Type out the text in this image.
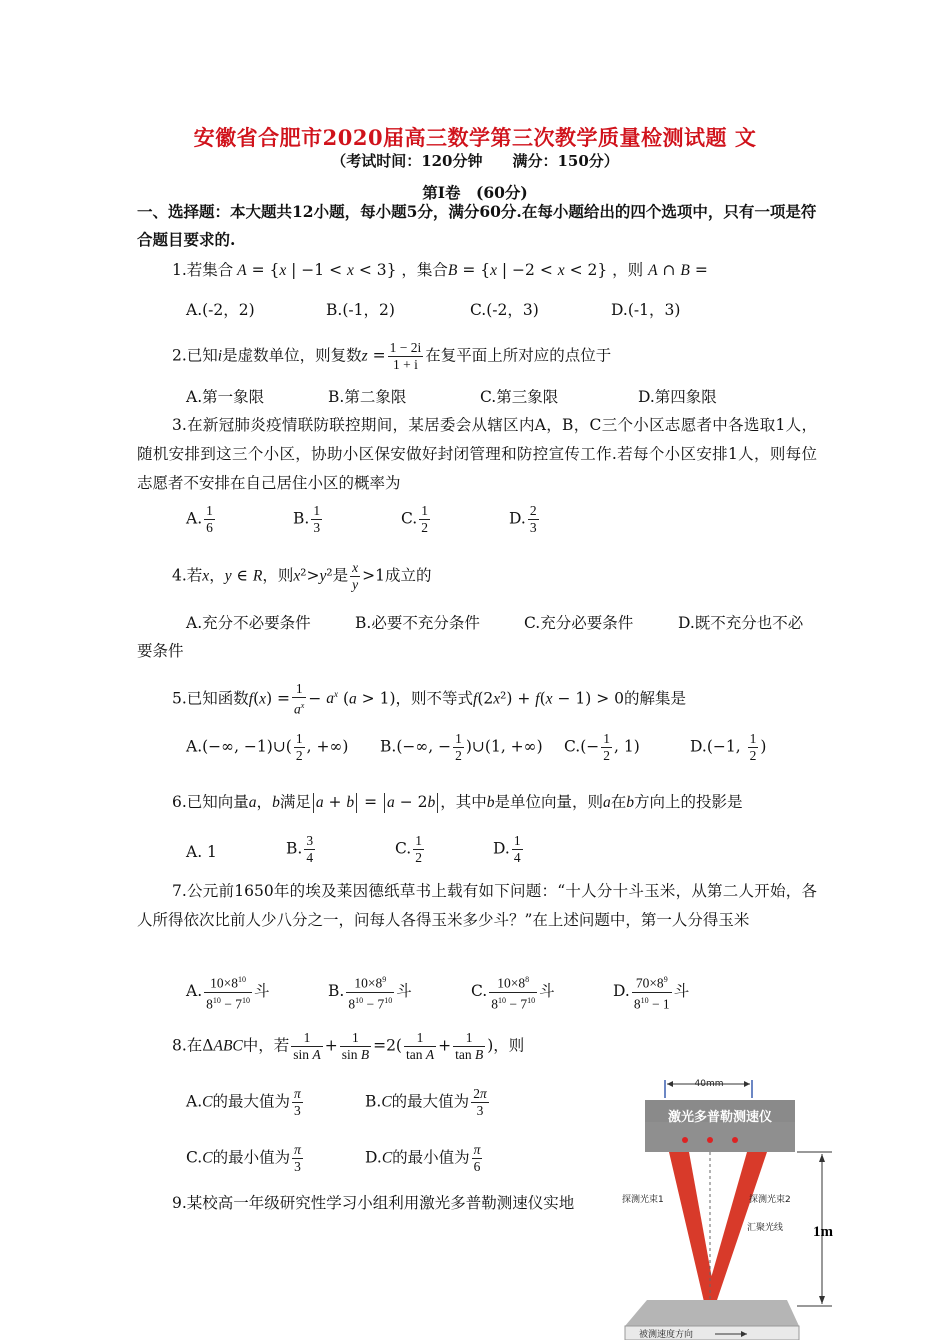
安徽省合肥市2020届高三数学第三次教学质量检测试题 文
（考试时间：120分钟　　满分：150分）
第Ⅰ卷　(60分)
一、选择题：本大题共12小题，每小题5分，满分60分.在每小题给出的四个选项中，只有一项是符合题目要求的.
1.若集合 A = {x | −1 < x < 3} ，集合B = {x | −2 < x < 2} ，则 A ∩ B =
A.(-2，2)	B.(-1，2)	C.(-2，3)	D.(-1，3)
2.已知i是虚数单位，则复数$z = \frac{1 - 2i}{1 + i}$ 在复平面上所对应的点位于
A.第一象限	B.第二象限	C.第三象限	D.第四象限
3.在新冠肺炎疫情联防联控期间，某居委会从辖区内A，B，C三个小区志愿者中各选取1人，随机安排到这三个小区，协助小区保安做好封闭管理和防控宣传工作.若每个小区安排1人，则每位志愿者不安排在自己居住小区的概率为
A. $\frac{1}{6}$	B. $\frac{1}{3}$	C. $\frac{1}{2}$	D. $\frac{2}{3}$
4.若x，y ∈ R，则x²>y²是 $\frac{x}{y} >1$成立的
A.充分不必要条件	B.必要不充分条件	C.充分必要条件	D.既不充分也不必
要条件
5.已知函数$f(x) = \frac{1}{a^x} - a^x$ (a > 1)，则不等式f(2x²) + f(x − 1) > 0的解集是
A.(−∞, −1)∪( $\frac{1}{2}$ , +∞) B.(−∞, − $\frac{1}{2}$ )∪(1, +∞) $C.(- \frac{1}{2}$ , 1)	D.(−1, $\frac{1}{2}$ )
6.已知向量a，b满足 a + b = a − 2b ，其中b是单位向量，则a在b方向上的投影是
A. 1	B. $\frac{3}{4}$	C. $\frac{1}{2}$	D. $\frac{1}{4}$
7.公元前1650年的埃及莱因德纸草书上载有如下问题：“十人分十斗玉米，从第二人开始，各人所得依次比前人少八分之一，问每人各得玉米多少斗？”在上述问题中，第一人分得玉米
A. $\frac{10\times 8^{10}}{8^{10} - 7^{10}}$ 斗	B. $\frac{10\times 8^9}{8^{10} - 7^{10}}$ 斗	C. $\frac{10\times 8^8}{8^{10} - 7^{10}}$ 斗	D. $\frac{70\times 8^9}{8^{10} - 1}$ 斗
8.在ΔABC中，若 $\frac{1}{\text{sin A}} + \frac{1}{\text{sin B}} =2( \frac{1}{\text{tan A}} + \frac{1}{\text{tan B}}$ )，则
A.C的最大值为 $\frac{\pi}{3}$	B.C的最大值为 $\frac{2\pi}{3}$
C.C的最小值为 $\frac{\pi}{3}$	D.C的最小值为 $\frac{\pi}{6}$
9.某校高一年级研究性学习小组利用激光多普勒测速仪实地
40mm
激光多普勒测速仪
探测光束1	探测光束2
汇聚光线 1m
被测速度方向
